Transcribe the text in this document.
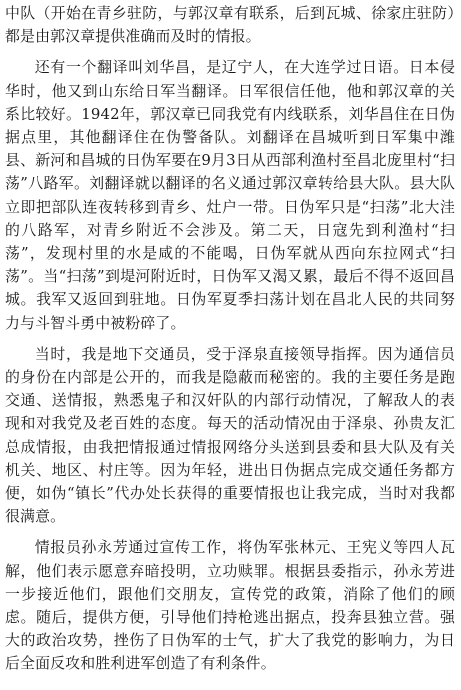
中队（开始在青乡驻防，与郭汉章有联系，后到瓦城、徐家庄驻防）都是由郭汉章提供准确而及时的情报。

还有一个翻译叫刘华昌，是辽宁人，在大连学过日语。日本侵华时，他又到山东给日军当翻译。日军很信任他，他和郭汉章的关系比较好。1942年，郭汉章已同我党有内线联系，刘华昌住在日伪据点里，其他翻译住在伪警备队。刘翻译在昌城听到日军集中潍县、新河和昌城的日伪军要在9月3日从西部利渔村至昌北庞里村“扫荡”八路军。刘翻译就以翻译的名义通过郭汉章转给县大队。县大队立即把部队连夜转移到青乡、灶户一带。日伪军只是“扫荡”北大洼的八路军，对青乡附近不会涉及。第二天，日寇先到利渔村“扫荡”，发现村里的水是咸的不能喝，日伪军就从西向东拉网式“扫荡”。当“扫荡”到堤河附近时，日伪军又渴又累，最后不得不返回昌城。我军又返回到驻地。日伪军夏季扫荡计划在昌北人民的共同努力与斗智斗勇中被粉碎了。

当时，我是地下交通员，受于泽泉直接领导指挥。因为通信员的身份在内部是公开的，而我是隐蔽而秘密的。我的主要任务是跑交通、送情报，熟悉鬼子和汉奸队的内部行动情况，了解敌人的表现和对我党及老百姓的态度。每天的活动情况由于泽泉、孙贵友汇总成情报，由我把情报通过情报网络分头送到县委和县大队及有关机关、地区、村庄等。因为年轻，进出日伪据点完成交通任务都方便，如伪“镇长”代办处长获得的重要情报也让我完成，当时对我都很满意。

情报员孙永芳通过宣传工作，将伪军张林元、王宪义等四人瓦解，他们表示愿意弃暗投明，立功赎罪。根据县委指示，孙永芳进一步接近他们，跟他们交朋友，宣传党的政策，消除了他们的顾虑。随后，提供方便，引导他们持枪逃出据点，投奔县独立营。强大的政治攻势，挫伤了日伪军的士气，扩大了我党的影响力，为日后全面反攻和胜利进军创造了有利条件。
